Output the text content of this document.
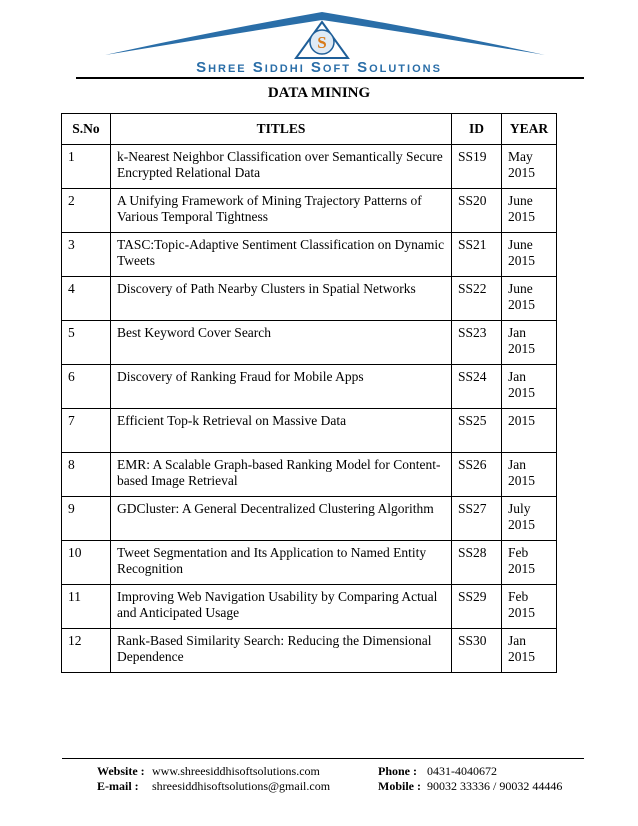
S
Shree Siddhi Soft Solutions
DATA MINING
S.No	TITLES	ID	YEAR
1	k-Nearest Neighbor Classification over Semantically Secure Encrypted Relational Data	SS19	May 2015
2	A Unifying Framework of Mining Trajectory Patterns of Various Temporal Tightness	SS20	June 2015
3	TASC:Topic-Adaptive Sentiment Classification on Dynamic Tweets	SS21	June 2015
4	Discovery of Path Nearby Clusters in Spatial Networks	SS22	June 2015
5	Best Keyword Cover Search	SS23	Jan 2015
6	Discovery of Ranking Fraud for Mobile Apps	SS24	Jan 2015
7	Efficient Top-k Retrieval on Massive Data	SS25	2015
8	EMR: A Scalable Graph-based Ranking Model for Content-based Image Retrieval	SS26	Jan 2015
9	GDCluster: A General Decentralized Clustering Algorithm	SS27	July 2015
10	Tweet Segmentation and Its Application to Named Entity Recognition	SS28	Feb 2015
11	Improving Web Navigation Usability by Comparing Actual and Anticipated Usage	SS29	Feb 2015
12	Rank-Based Similarity Search: Reducing the Dimensional Dependence	SS30	Jan 2015
Website : www.shreesiddhisoftsolutions.com
E-mail : shreesiddhisoftsolutions@gmail.com
Phone : 0431-4040672
Mobile : 90032 33336 / 90032 44446
